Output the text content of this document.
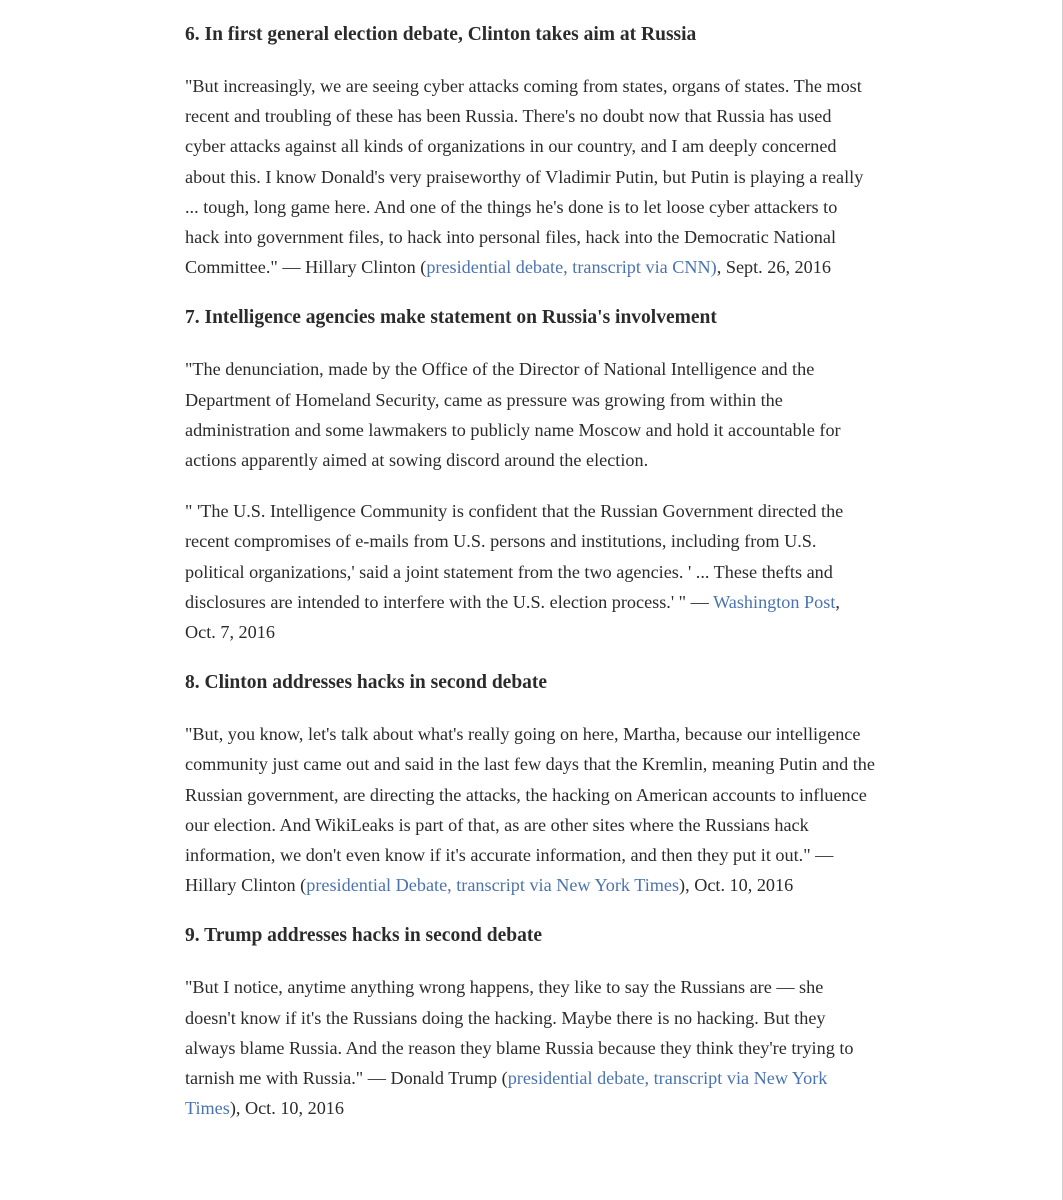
6. In first general election debate, Clinton takes aim at Russia

"But increasingly, we are seeing cyber attacks coming from states, organs of states. The most recent and troubling of these has been Russia. There's no doubt now that Russia has used cyber attacks against all kinds of organizations in our country, and I am deeply concerned about this. I know Donald's very praiseworthy of Vladimir Putin, but Putin is playing a really ... tough, long game here. And one of the things he's done is to let loose cyber attackers to hack into government files, to hack into personal files, hack into the Democratic National Committee." — Hillary Clinton (presidential debate, transcript via CNN), Sept. 26, 2016

7. Intelligence agencies make statement on Russia's involvement

"The denunciation, made by the Office of the Director of National Intelligence and the Department of Homeland Security, came as pressure was growing from within the administration and some lawmakers to publicly name Moscow and hold it accountable for actions apparently aimed at sowing discord around the election.

" 'The U.S. Intelligence Community is confident that the Russian Government directed the recent compromises of e-mails from U.S. persons and institutions, including from U.S. political organizations,' said a joint statement from the two agencies. ' ... These thefts and disclosures are intended to interfere with the U.S. election process.' " — Washington Post, Oct. 7, 2016

8. Clinton addresses hacks in second debate

"But, you know, let's talk about what's really going on here, Martha, because our intelligence community just came out and said in the last few days that the Kremlin, meaning Putin and the Russian government, are directing the attacks, the hacking on American accounts to influence our election. And WikiLeaks is part of that, as are other sites where the Russians hack information, we don't even know if it's accurate information, and then they put it out." — Hillary Clinton (presidential Debate, transcript via New York Times), Oct. 10, 2016

9. Trump addresses hacks in second debate

"But I notice, anytime anything wrong happens, they like to say the Russians are — she doesn't know if it's the Russians doing the hacking. Maybe there is no hacking. But they always blame Russia. And the reason they blame Russia because they think they're trying to tarnish me with Russia." — Donald Trump (presidential debate, transcript via New York Times), Oct. 10, 2016
